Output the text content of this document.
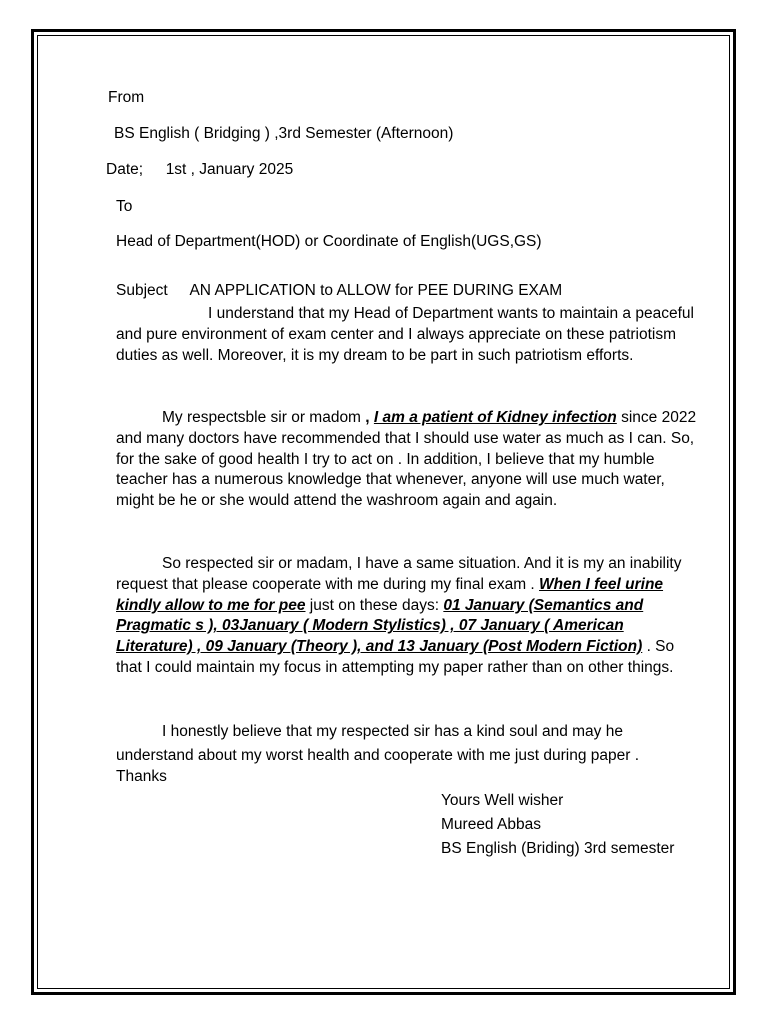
From
BS English ( Bridging ) ,3rd Semester (Afternoon)
Date; 1st , January 2025
To
Head of Department(HOD) or Coordinate of English(UGS,GS)
Subject AN APPLICATION to ALLOW for PEE DURING EXAM
I understand that my Head of Department wants to maintain a peaceful and pure environment of exam center and I always appreciate on these patriotism duties as well. Moreover, it is my dream to be part in such patriotism efforts.
My respectsble sir or madom , I am a patient of Kidney infection since 2022 and many doctors have recommended that I should use water as much as I can. So, for the sake of good health I try to act on . In addition, I believe that my humble teacher has a numerous knowledge that whenever, anyone will use much water, might be he or she would attend the washroom again and again.
So respected sir or madam, I have a same situation. And it is my an inability request that please cooperate with me during my final exam . When I feel urine kindly allow to me for pee just on these days: 01 January (Semantics and Pragmatic s ), 03January ( Modern Stylistics) , 07 January ( American Literature) , 09 January (Theory ), and 13 January (Post Modern Fiction) . So that I could maintain my focus in attempting my paper rather than on other things.
I honestly believe that my respected sir has a kind soul and may he understand about my worst health and cooperate with me just during paper .
Thanks
Yours Well wisher
Mureed Abbas
BS English (Briding) 3rd semester
